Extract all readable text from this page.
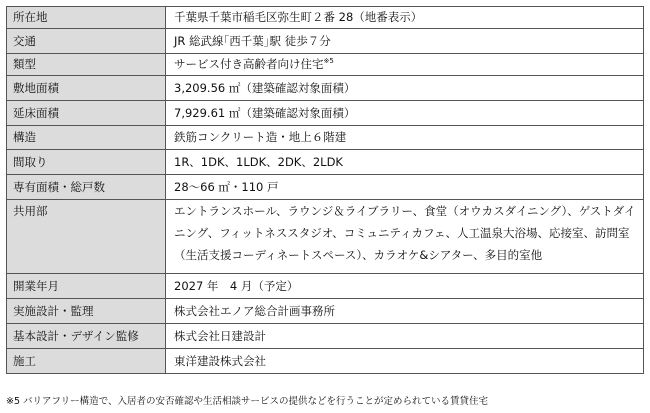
所在地	千葉県千葉市稲毛区弥生町２番 28（地番表示）
交通	JR 総武線｢西千葉｣駅 徒歩７分
類型	サービス付き高齢者向け住宅$^{※5}$
敷地面積	3,209.56 ㎡（建築確認対象面積）
延床面積	7,929.61 ㎡（建築確認対象面積）
構造	鉄筋コンクリート造・地上６階建
間取り	1R、1DK、1LDK、2DK、2LDK
専有面積・総戸数	28～66 ㎡・110 戸
共用部	エントランスホール、ラウンジ＆ライブラリー、食堂（オウカスダイニング）、ゲストダイニング、フィットネススタジオ、コミュニティカフェ、人工温泉大浴場、応接室、訪問室（生活支援コーディネートスペース）、カラオケ&シアター、多目的室他
開業年月	2027 年　4 月（予定）
実施設計・監理	株式会社エノア総合計画事務所
基本設計・デザイン監修	株式会社日建設計
施工	東洋建設株式会社
※5 バリアフリー構造で、入居者の安否確認や生活相談サービスの提供などを行うことが定められている賃貸住宅
